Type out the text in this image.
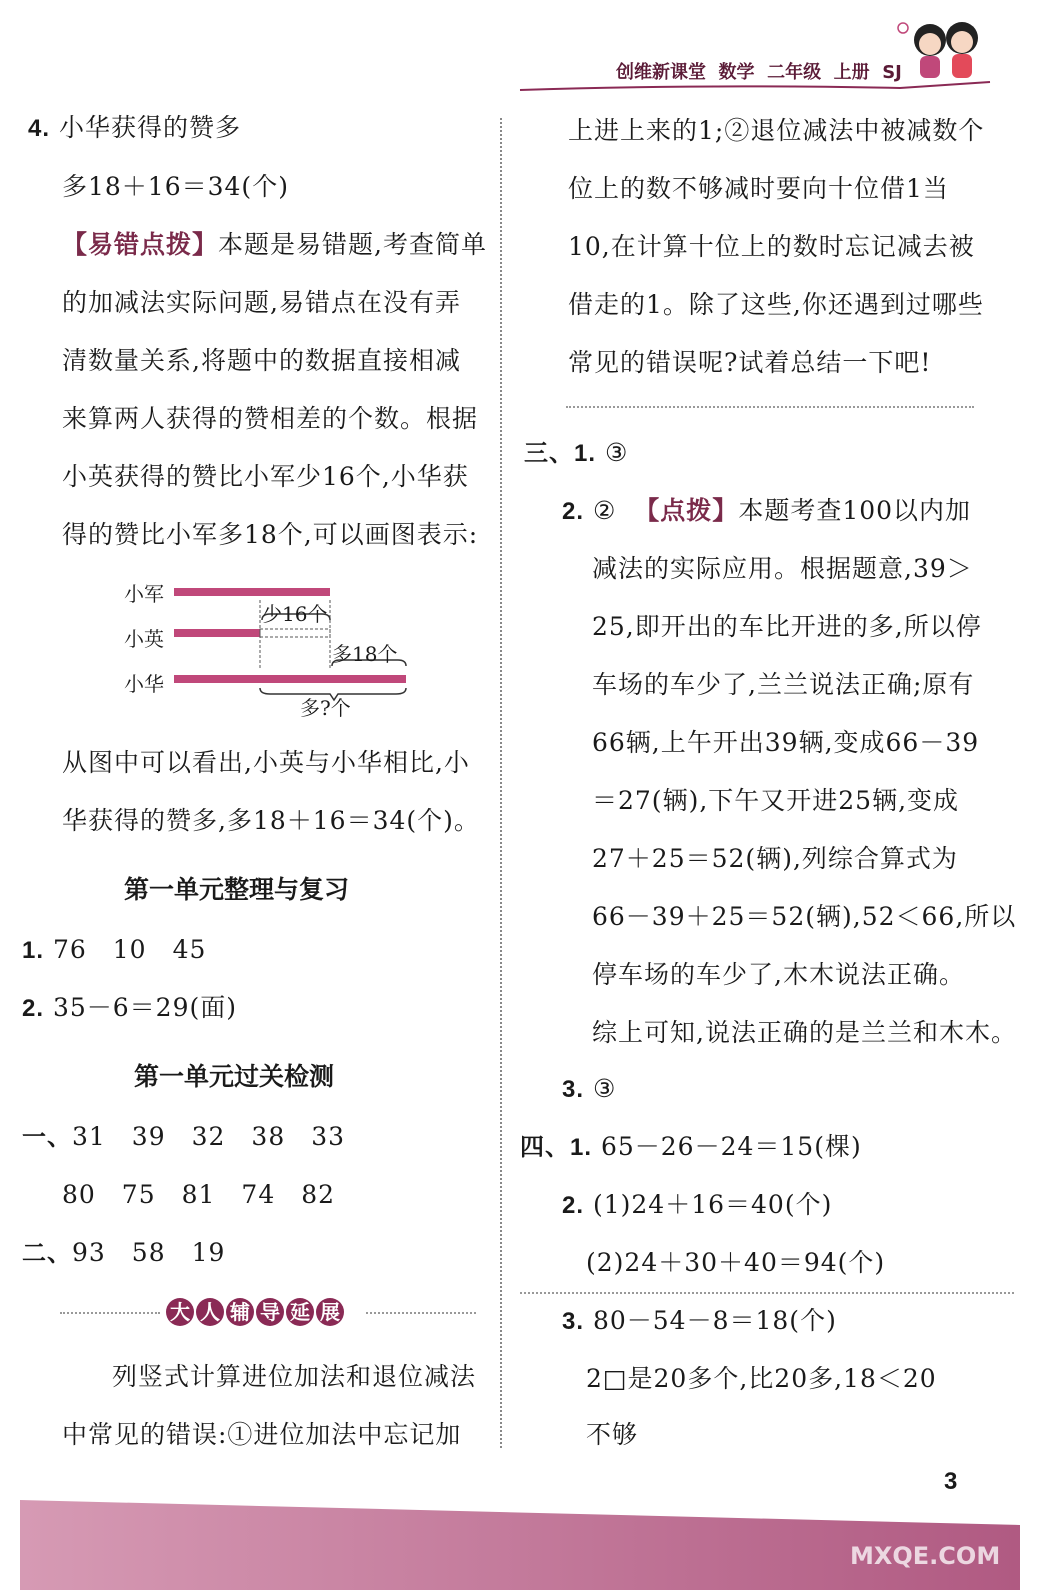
创维新课堂 数学 二年级 上册 SJ
4. 小华获得的赞多
多18＋16＝34(个)
【易错点拨】本题是易错题,考查简单
的加减法实际问题,易错点在没有弄
清数量关系,将题中的数据直接相减
来算两人获得的赞相差的个数。根据
小英获得的赞比小军少16个,小华获
得的赞比小军多18个,可以画图表示:
小军
小英
小华
少16个
多18个
多?个
从图中可以看出,小英与小华相比,小
华获得的赞多,多18＋16＝34(个)。
第一单元整理与复习
1. 76　10　45
2. 35－6＝29(面)
第一单元过关检测
一、31　39　32　38　33
80　75　81　74　82
二、93　58　19
大 人 辅 导 延 展
列竖式计算进位加法和退位减法
中常见的错误:①进位加法中忘记加
上进上来的1;②退位减法中被减数个
位上的数不够减时要向十位借1当
10,在计算十位上的数时忘记减去被
借走的1。除了这些,你还遇到过哪些
常见的错误呢?试着总结一下吧!
三、1. ③
2. ② 【点拨】本题考查100以内加
减法的实际应用。根据题意,39＞
25,即开出的车比开进的多,所以停
车场的车少了,兰兰说法正确;原有
66辆,上午开出39辆,变成66－39
＝27(辆),下午又开进25辆,变成
27＋25＝52(辆),列综合算式为
66－39＋25＝52(辆),52＜66,所以
停车场的车少了,木木说法正确。
综上可知,说法正确的是兰兰和木木。
3. ③
四、1. 65－26－24＝15(棵)
2. (1)24＋16＝40(个)
(2)24＋30＋40＝94(个)
3. 80－54－8＝18(个)
2□是20多个,比20多,18＜20
不够
3
MXQE.COM
